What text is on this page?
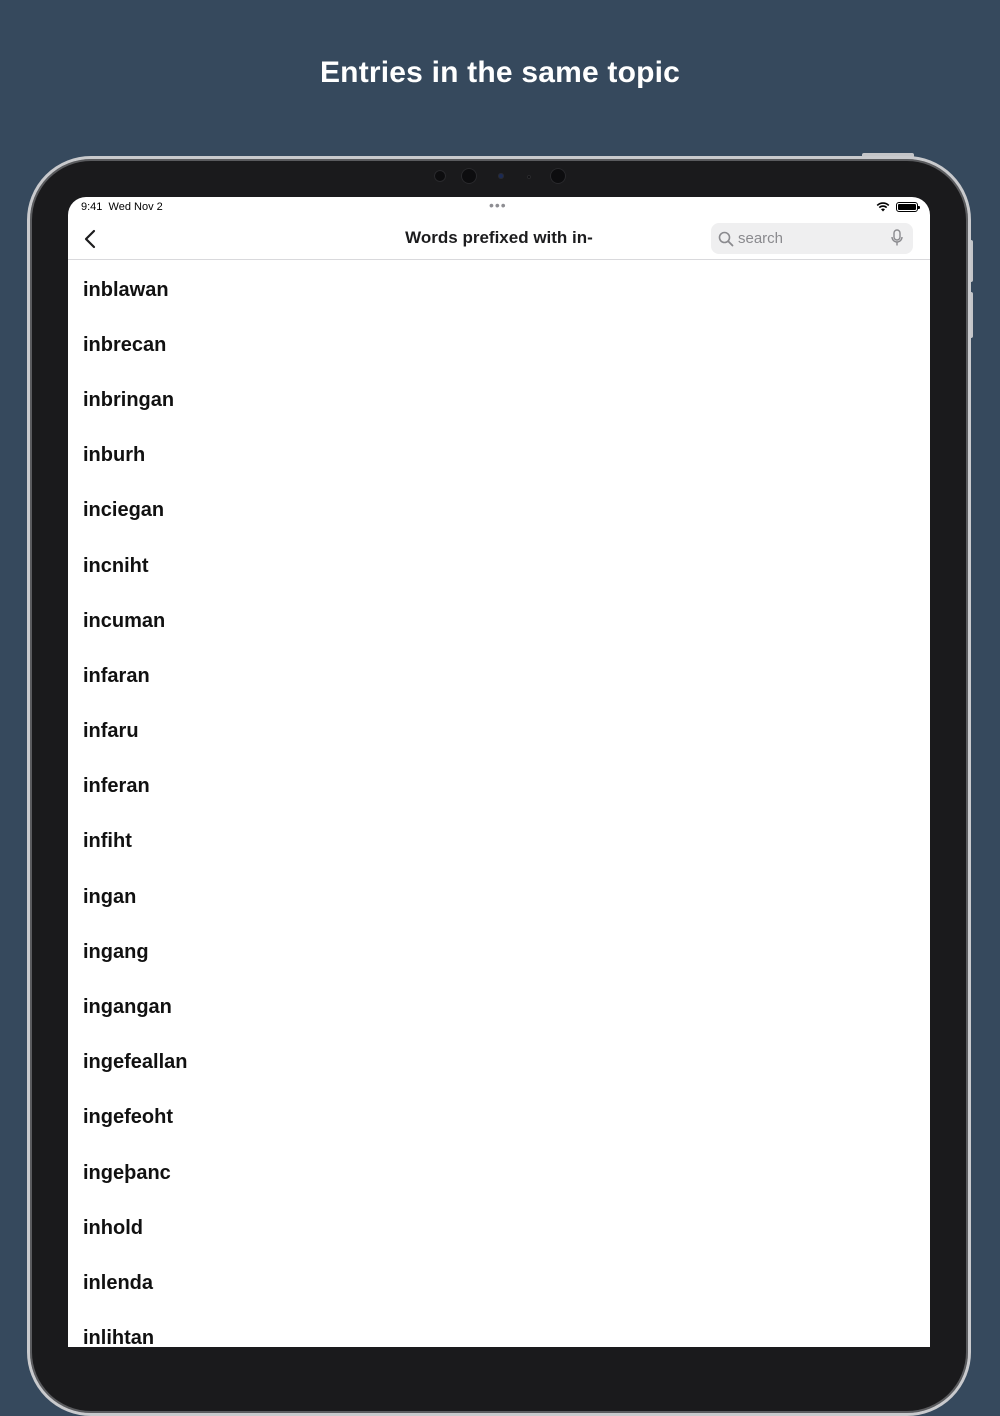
Entries in the same topic
9:41 Wed Nov 2	•••
Words prefixed with in-
search
inblawan
inbrecan
inbringan
inburh
inciegan
incniht
incuman
infaran
infaru
inferan
infiht
ingan
ingang
ingangan
ingefeallan
ingefeoht
ingeþanc
inhold
inlenda
inlihtan
